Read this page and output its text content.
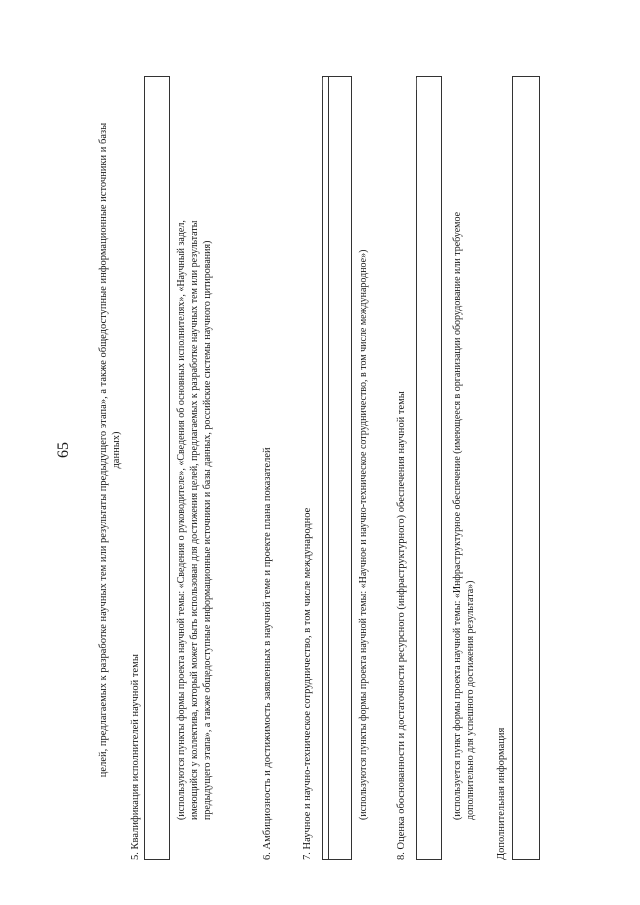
65 целей, предлагаемых к разработке научных тем или результаты предыдущего этапа», а также общедоступные информационные источники и базы данных)
5. Квалификация исполнителей научной темы	(используются пункты формы проекта научной темы: «Сведения о руководителе», «Сведения об основных исполнителях», «Научный задел, имеющийся у коллектива, который может быть использован для достижения целей, предлагаемых к разработке научных тем или результаты предыдущего этапа», а также общедоступные информационные источники и базы данных, российские системы научного цитирования)	6. Амбициозность и достижимость заявленных в научной теме и проекте плана показателей	7. Научное и научно-техническое сотрудничество, в том числе международное	(используются пункты формы проекта научной темы: «Научное и научно-техническое сотрудничество, в том числе международное»)	8. Оценка обоснованности и достаточности ресурсного (инфраструктурного) обеспечения научной темы	(используется пункт формы проекта научной темы: «Инфраструктурное обеспечение (имеющееся в организации оборудование или требуемое дополнительно для успешного достижения результата») Дополнительная информация
